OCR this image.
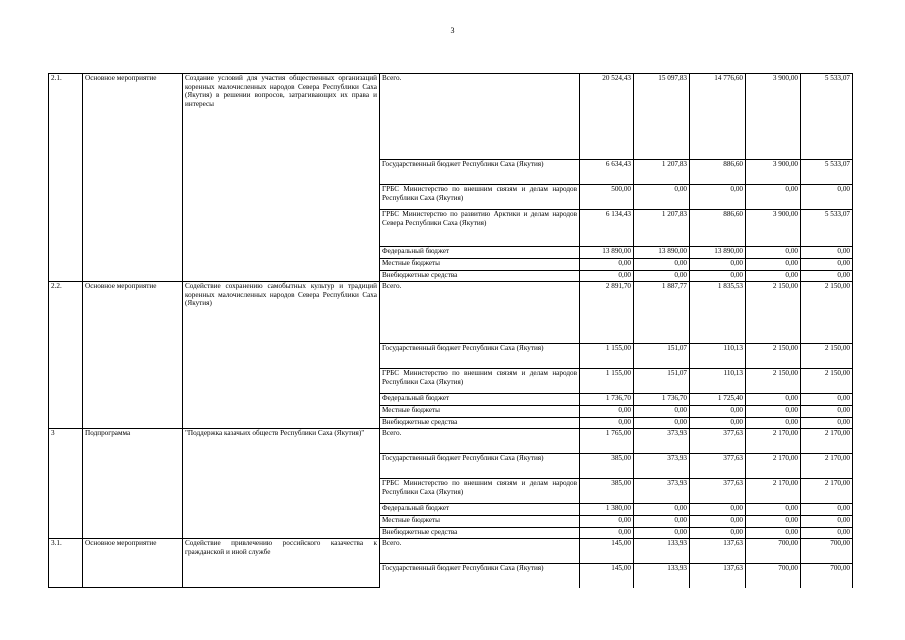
3
2.1.	Основное мероприятие	Создание условий для участия общественных организаций коренных малочисленных народов Севера Республики Саха (Якутия) в решении вопросов, затрагивающих их права и интересы	Всего.	20 524,43	15 097,83	14 776,60	3 900,00	5 533,07
			Государственный бюджет Республики Саха (Якутия)	6 634,43	1 207,83	886,60	3 900,00	5 533,07
			ГРБС Министерство по внешним связям и делам народов Республики Саха (Якутия)	500,00	0,00	0,00	0,00	0,00
			ГРБС Министерство по развитию Арктики и делам народов Севера Республики Саха (Якутия)	6 134,43	1 207,83	886,60	3 900,00	5 533,07
			Федеральный бюджет	13 890,00	13 890,00	13 890,00	0,00	0,00
			Местные бюджеты	0,00	0,00	0,00	0,00	0,00
			Внебюджетные средства	0,00	0,00	0,00	0,00	0,00
2.2.	Основное мероприятие	Содействие сохранению самобытных культур и традиций коренных малочисленных народов Севера Республики Саха (Якутия)	Всего.	2 891,70	1 887,77	1 835,53	2 150,00	2 150,00
			Государственный бюджет Республики Саха (Якутия)	1 155,00	151,07	110,13	2 150,00	2 150,00
			ГРБС Министерство по внешним связям и делам народов Республики Саха (Якутия)	1 155,00	151,07	110,13	2 150,00	2 150,00
			Федеральный бюджет	1 736,70	1 736,70	1 725,40	0,00	0,00
			Местные бюджеты	0,00	0,00	0,00	0,00	0,00
			Внебюджетные средства	0,00	0,00	0,00	0,00	0,00
3	Подпрограмма	"Поддержка казачьих обществ Республики Саха (Якутия)"	Всего.	1 765,00	373,93	377,63	2 170,00	2 170,00
			Государственный бюджет Республики Саха (Якутия)	385,00	373,93	377,63	2 170,00	2 170,00
			ГРБС Министерство по внешним связям и делам народов Республики Саха (Якутия)	385,00	373,93	377,63	2 170,00	2 170,00
			Федеральный бюджет	1 380,00	0,00	0,00	0,00	0,00
			Местные бюджеты	0,00	0,00	0,00	0,00	0,00
			Внебюджетные средства	0,00	0,00	0,00	0,00	0,00
3.1.	Основное мероприятие	Содействие привлечению российского казачества к гражданской и иной службе	Всего.	145,00	133,93	137,63	700,00	700,00
			Государственный бюджет Республики Саха (Якутия)	145,00	133,93	137,63	700,00	700,00
